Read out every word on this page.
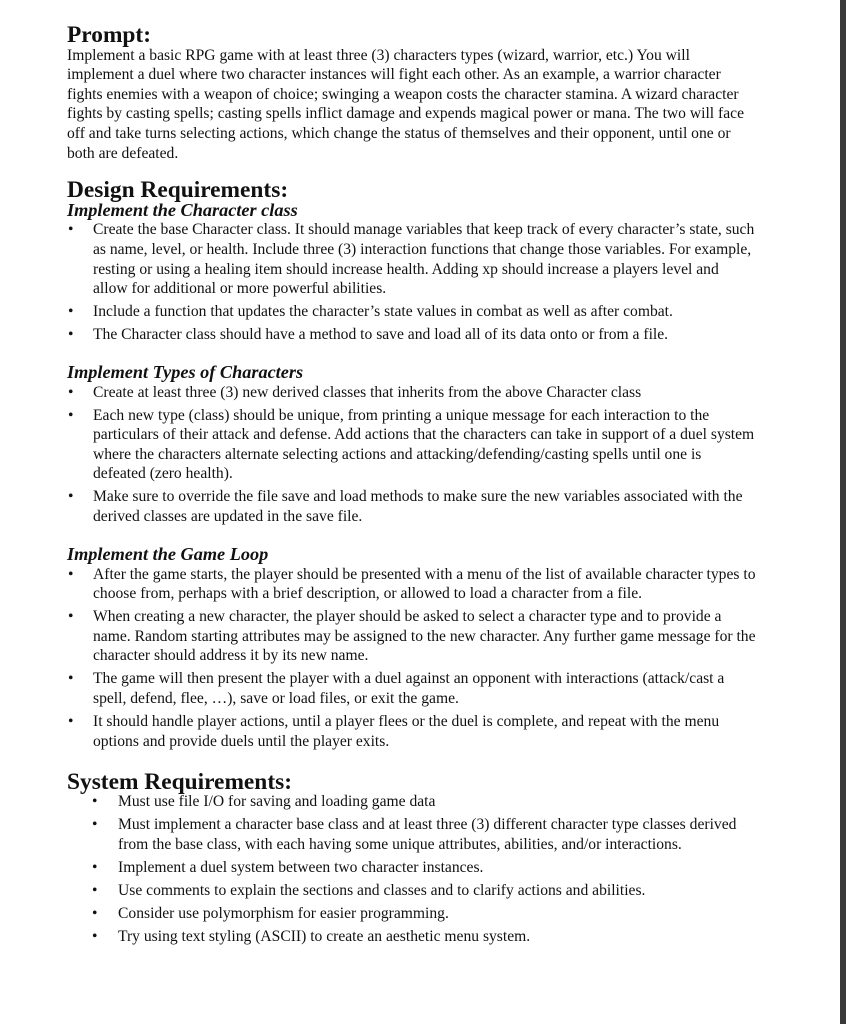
Prompt:

Implement a basic RPG game with at least three (3) characters types (wizard, warrior, etc.) You will implement a duel where two character instances will fight each other. As an example, a warrior character fights enemies with a weapon of choice; swinging a weapon costs the character stamina. A wizard character fights by casting spells; casting spells inflict damage and expends magical power or mana. The two will face off and take turns selecting actions, which change the status of themselves and their opponent, until one or both are defeated.

Design Requirements:
Implement the Character class
• Create the base Character class. It should manage variables that keep track of every character’s state, such as name, level, or health. Include three (3) interaction functions that change those variables. For example, resting or using a healing item should increase health. Adding xp should increase a players level and allow for additional or more powerful abilities.
• Include a function that updates the character’s state values in combat as well as after combat.
• The Character class should have a method to save and load all of its data onto or from a file.
Implement Types of Characters
• Create at least three (3) new derived classes that inherits from the above Character class
• Each new type (class) should be unique, from printing a unique message for each interaction to the particulars of their attack and defense. Add actions that the characters can take in support of a duel system where the characters alternate selecting actions and attacking/defending/casting spells until one is defeated (zero health).
• Make sure to override the file save and load methods to make sure the new variables associated with the derived classes are updated in the save file.
Implement the Game Loop
• After the game starts, the player should be presented with a menu of the list of available character types to choose from, perhaps with a brief description, or allowed to load a character from a file.
• When creating a new character, the player should be asked to select a character type and to provide a name. Random starting attributes may be assigned to the new character. Any further game message for the character should address it by its new name.
• The game will then present the player with a duel against an opponent with interactions (attack/cast a spell, defend, flee, …), save or load files, or exit the game.
• It should handle player actions, until a player flees or the duel is complete, and repeat with the menu options and provide duels until the player exits.
System Requirements:
• Must use file I/O for saving and loading game data
• Must implement a character base class and at least three (3) different character type classes derived from the base class, with each having some unique attributes, abilities, and/or interactions.
• Implement a duel system between two character instances.
• Use comments to explain the sections and classes and to clarify actions and abilities.
• Consider use polymorphism for easier programming.
• Try using text styling (ASCII) to create an aesthetic menu system.
